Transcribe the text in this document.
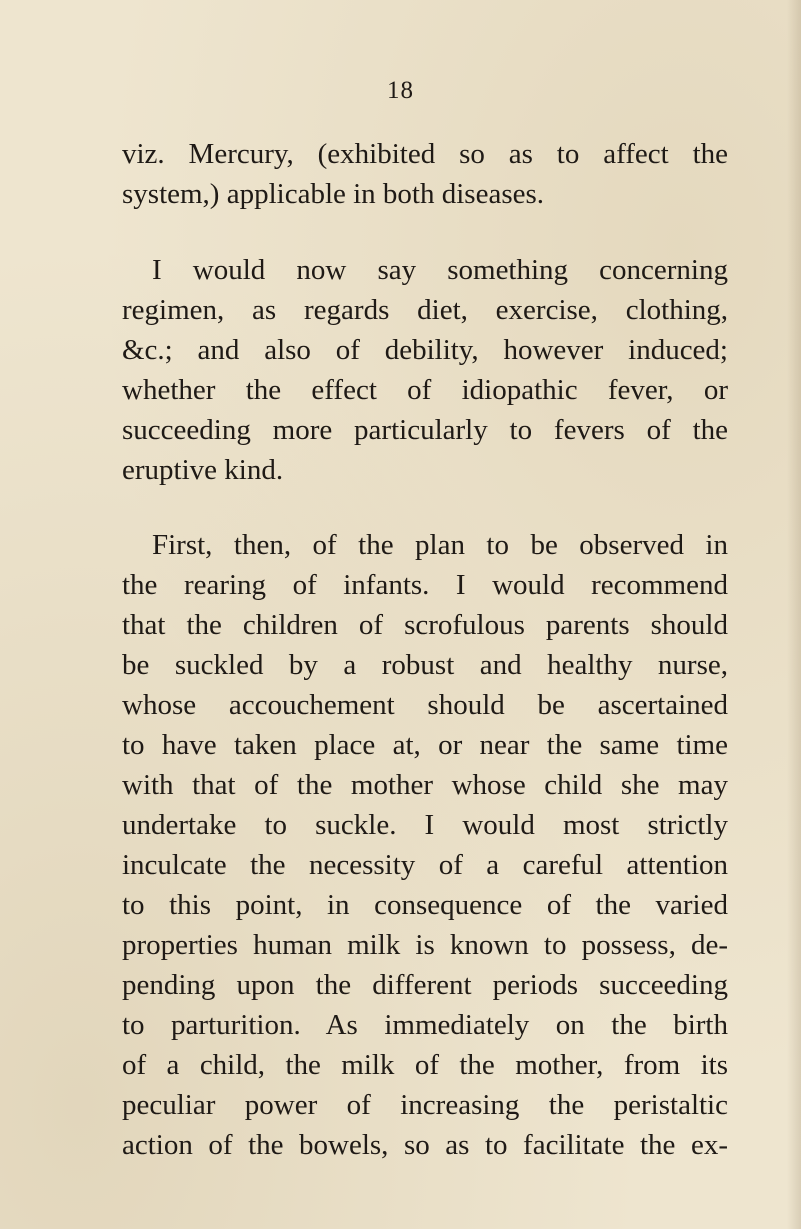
18
viz. Mercury, (exhibited so as to affect the
system,) applicable in both diseases.
I would now say something concerning
regimen, as regards diet, exercise, clothing,
&c.; and also of debility, however induced;
whether the effect of idiopathic fever, or
succeeding more particularly to fevers of the
eruptive kind.
First, then, of the plan to be observed in
the rearing of infants. I would recommend
that the children of scrofulous parents should
be suckled by a robust and healthy nurse,
whose accouchement should be ascertained
to have taken place at, or near the same time
with that of the mother whose child she may
undertake to suckle. I would most strictly
inculcate the necessity of a careful attention
to this point, in consequence of the varied
properties human milk is known to possess, de-
pending upon the different periods succeeding
to parturition. As immediately on the birth
of a child, the milk of the mother, from its
peculiar power of increasing the peristaltic
action of the bowels, so as to facilitate the ex-
